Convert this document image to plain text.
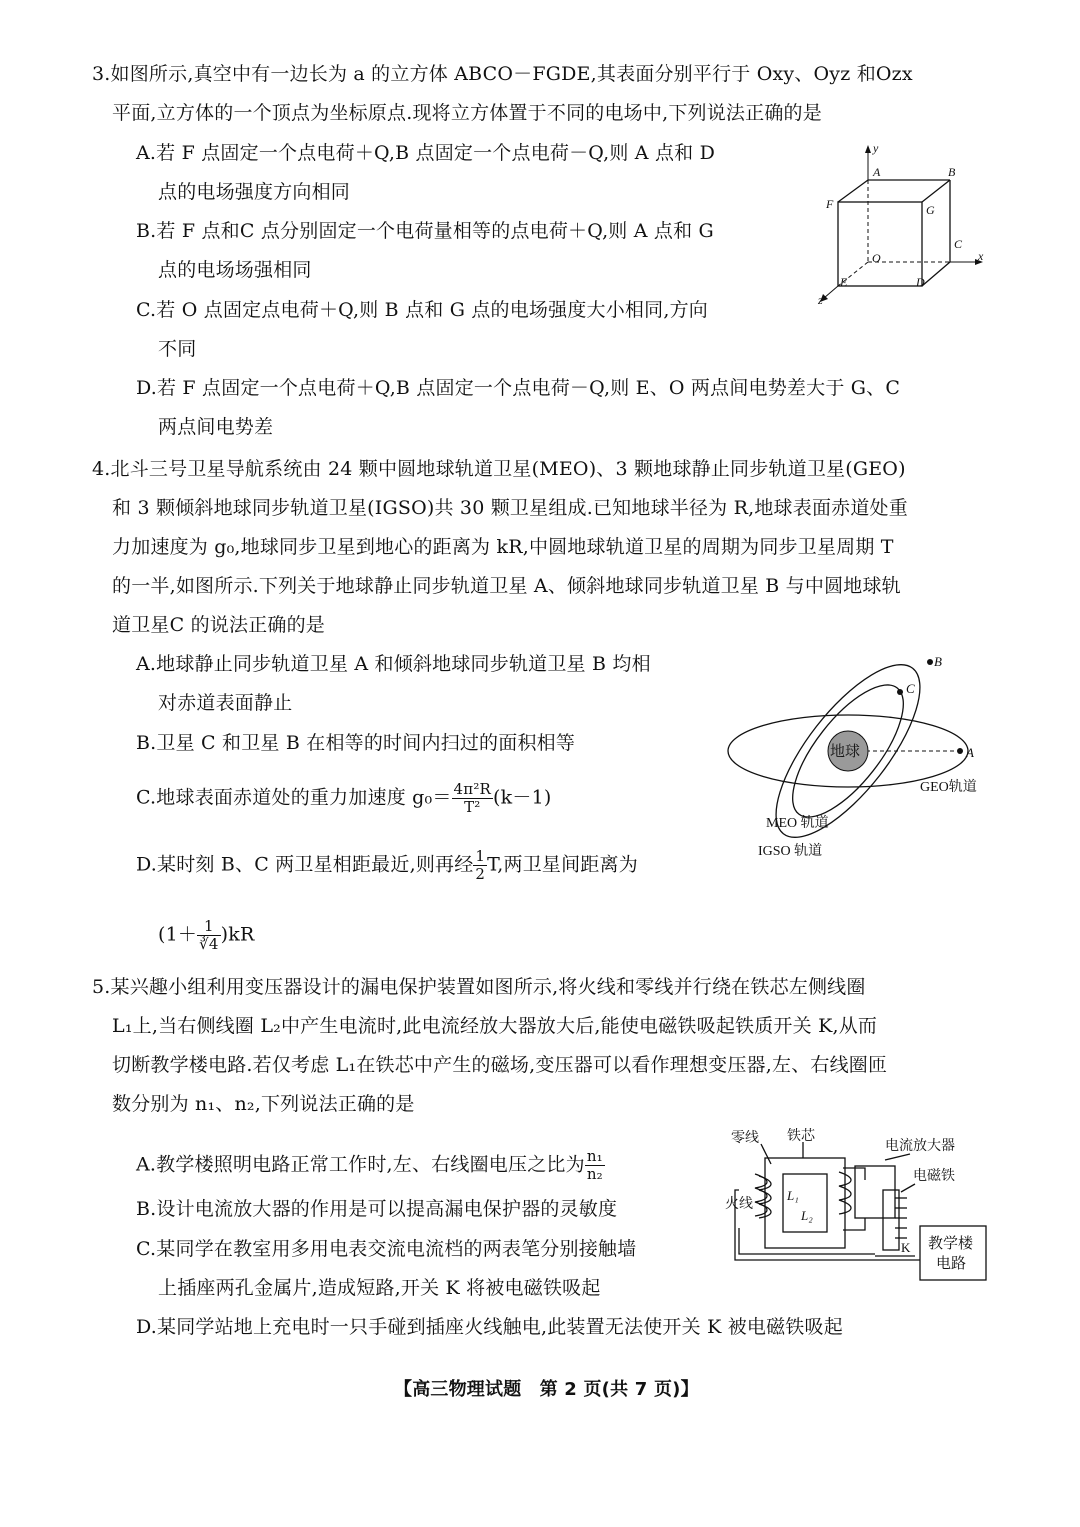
3.如图所示,真空中有一边长为 a 的立方体 ABCO－FGDE,其表面分别平行于 Oxy、Oyz 和Ozx
平面,立方体的一个顶点为坐标原点.现将立方体置于不同的电场中,下列说法正确的是
A.若 F 点固定一个点电荷＋Q,B 点固定一个点电荷－Q,则 A 点和 D
点的电场强度方向相同
B.若 F 点和C 点分别固定一个电荷量相等的点电荷＋Q,则 A 点和 G
点的电场场强相同
C.若 O 点固定点电荷＋Q,则 B 点和 G 点的电场强度大小相同,方向
不同
D.若 F 点固定一个点电荷＋Q,B 点固定一个点电荷－Q,则 E、O 两点间电势差大于 G、C
两点间电势差
y
A	B
F	G
C
O	x
E	D
z
4.北斗三号卫星导航系统由 24 颗中圆地球轨道卫星(MEO)、3 颗地球静止同步轨道卫星(GEO)
和 3 颗倾斜地球同步轨道卫星(IGSO)共 30 颗卫星组成.已知地球半径为 R,地球表面赤道处重
力加速度为 g₀,地球同步卫星到地心的距离为 kR,中圆地球轨道卫星的周期为同步卫星周期 T
的一半,如图所示.下列关于地球静止同步轨道卫星 A、倾斜地球同步轨道卫星 B 与中圆地球轨
道卫星C 的说法正确的是
A.地球静止同步轨道卫星 A 和倾斜地球同步轨道卫星 B 均相
对赤道表面静止
B.卫星 C 和卫星 B 在相等的时间内扫过的面积相等
C.地球表面赤道处的重力加速度 $g_0= \frac{\text{4π²R}}{\text{T²}} (k-1)$
D.某时刻 B、C 两卫星相距最近,则再经 $\frac{1}{2} T$,两卫星间距离为
$(1+ \frac{1}{∛4} )kR$
地球
B
C
A
GEO轨道
MEO 轨道
IGSO 轨道
5.某兴趣小组利用变压器设计的漏电保护装置如图所示,将火线和零线并行绕在铁芯左侧线圈
L₁上,当右侧线圈 L₂中产生电流时,此电流经放大器放大后,能使电磁铁吸起铁质开关 K,从而
切断教学楼电路.若仅考虑 L₁在铁芯中产生的磁场,变压器可以看作理想变压器,左、右线圈匝
数分别为 n₁、n₂,下列说法正确的是
A.教学楼照明电路正常工作时,左、右线圈电压之比为 $\frac{\text{n₁}}{\text{n₂}}$
B.设计电流放大器的作用是可以提高漏电保护器的灵敏度
C.某同学在教室用多用电表交流电流档的两表笔分别接触墙
上插座两孔金属片,造成短路,开关 K 将被电磁铁吸起
D.某同学站地上充电时一只手碰到插座火线触电,此装置无法使开关 K 被电磁铁吸起
零线 铁芯
电流放大器
电磁铁
火线
L₁
L₂
K 教学楼
电路
【高三物理试题　第 2 页(共 7 页)】
